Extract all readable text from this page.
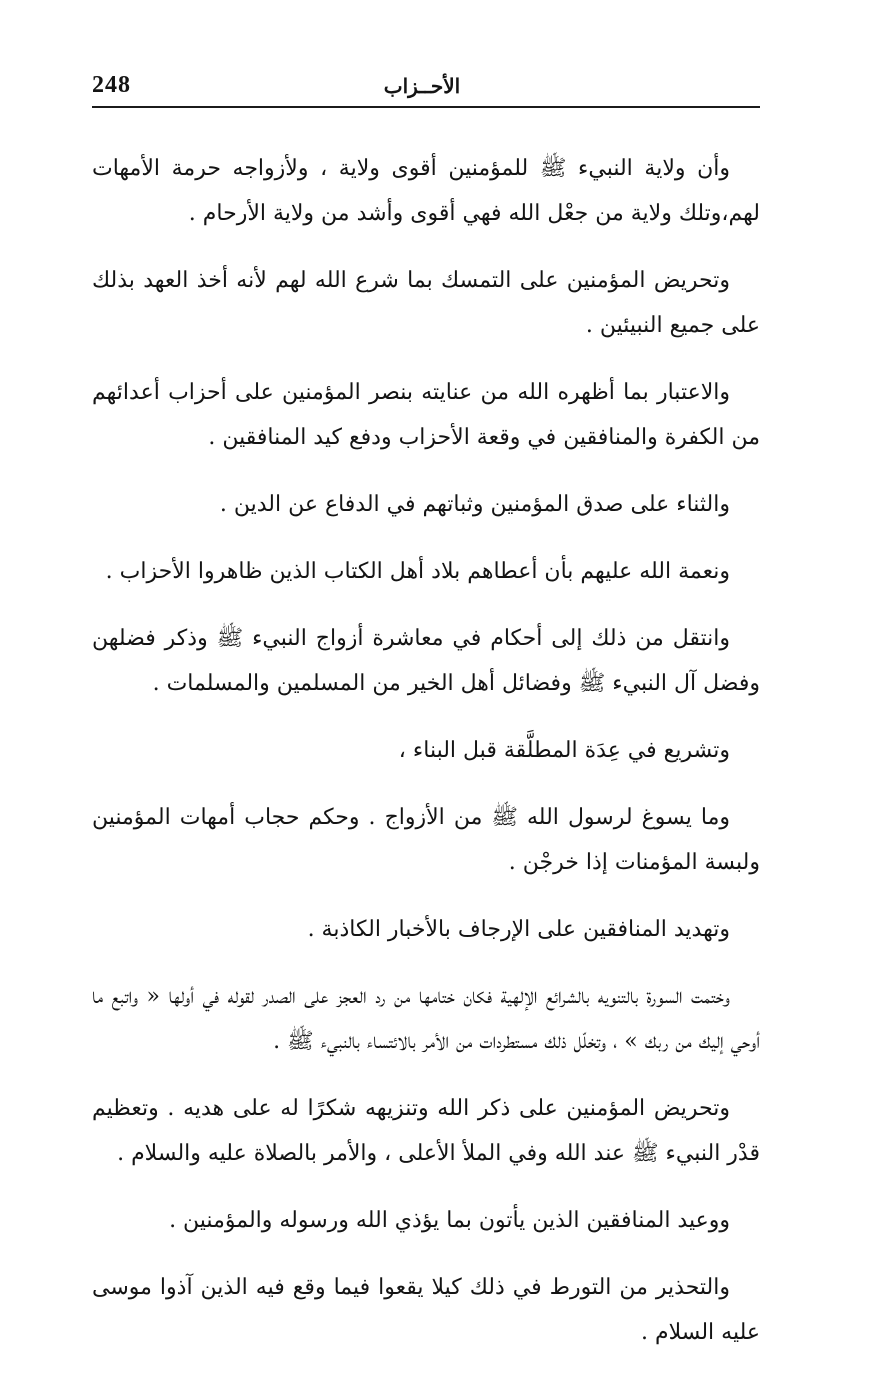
248	الأحــزاب

وأن ولاية النبيء ﷺ للمؤمنين أقوى ولاية ، ولأزواجه حرمة الأمهات لهم،وتلك ولاية من جعْل الله فهي أقوى وأشد من ولاية الأرحام .

وتحريض المؤمنين على التمسك بما شرع الله لهم لأنه أخذ العهد بذلك على جميع النبيئين .

والاعتبار بما أظهره الله من عنايته بنصر المؤمنين على أحزاب أعدائهم من الكفرة والمنافقين في وقعة الأحزاب ودفع كيد المنافقين .

والثناء على صدق المؤمنين وثباتهم في الدفاع عن الدين .

ونعمة الله عليهم بأن أعطاهم بلاد أهل الكتاب الذين ظاهروا الأحزاب .

وانتقل من ذلك إلى أحكام في معاشرة أزواج النبيء ﷺ وذكر فضلهن وفضل آل النبيء ﷺ وفضائل أهل الخير من المسلمين والمسلمات .

وتشريع في عِدَة المطلَّقة قبل البناء ،

وما يسوغ لرسول الله ﷺ من الأزواج . وحكم حجاب أمهات المؤمنين ولبسة المؤمنات إذا خرجْن .

وتهديد المنافقين على الإرجاف بالأخبار الكاذبة .

وختمت السورة بالتنويه بالشرائع الإلهية فكان ختامها من رد العجز على الصدر لقوله في أولها « واتبع ما أوحي إليك من ربك » ، وتخلّل ذلك مستطردات من الأمر بالائتساء بالنبيء ﷺ .

وتحريض المؤمنين على ذكر الله وتنزيهه شكرًا له على هديه . وتعظيم قدْر النبيء ﷺ عند الله وفي الملأ الأعلى ، والأمر بالصلاة عليه والسلام .

ووعيد المنافقين الذين يأتون بما يؤذي الله ورسوله والمؤمنين .

والتحذير من التورط في ذلك كيلا يقعوا فيما وقع فيه الذين آذوا موسى عليه السلام .
